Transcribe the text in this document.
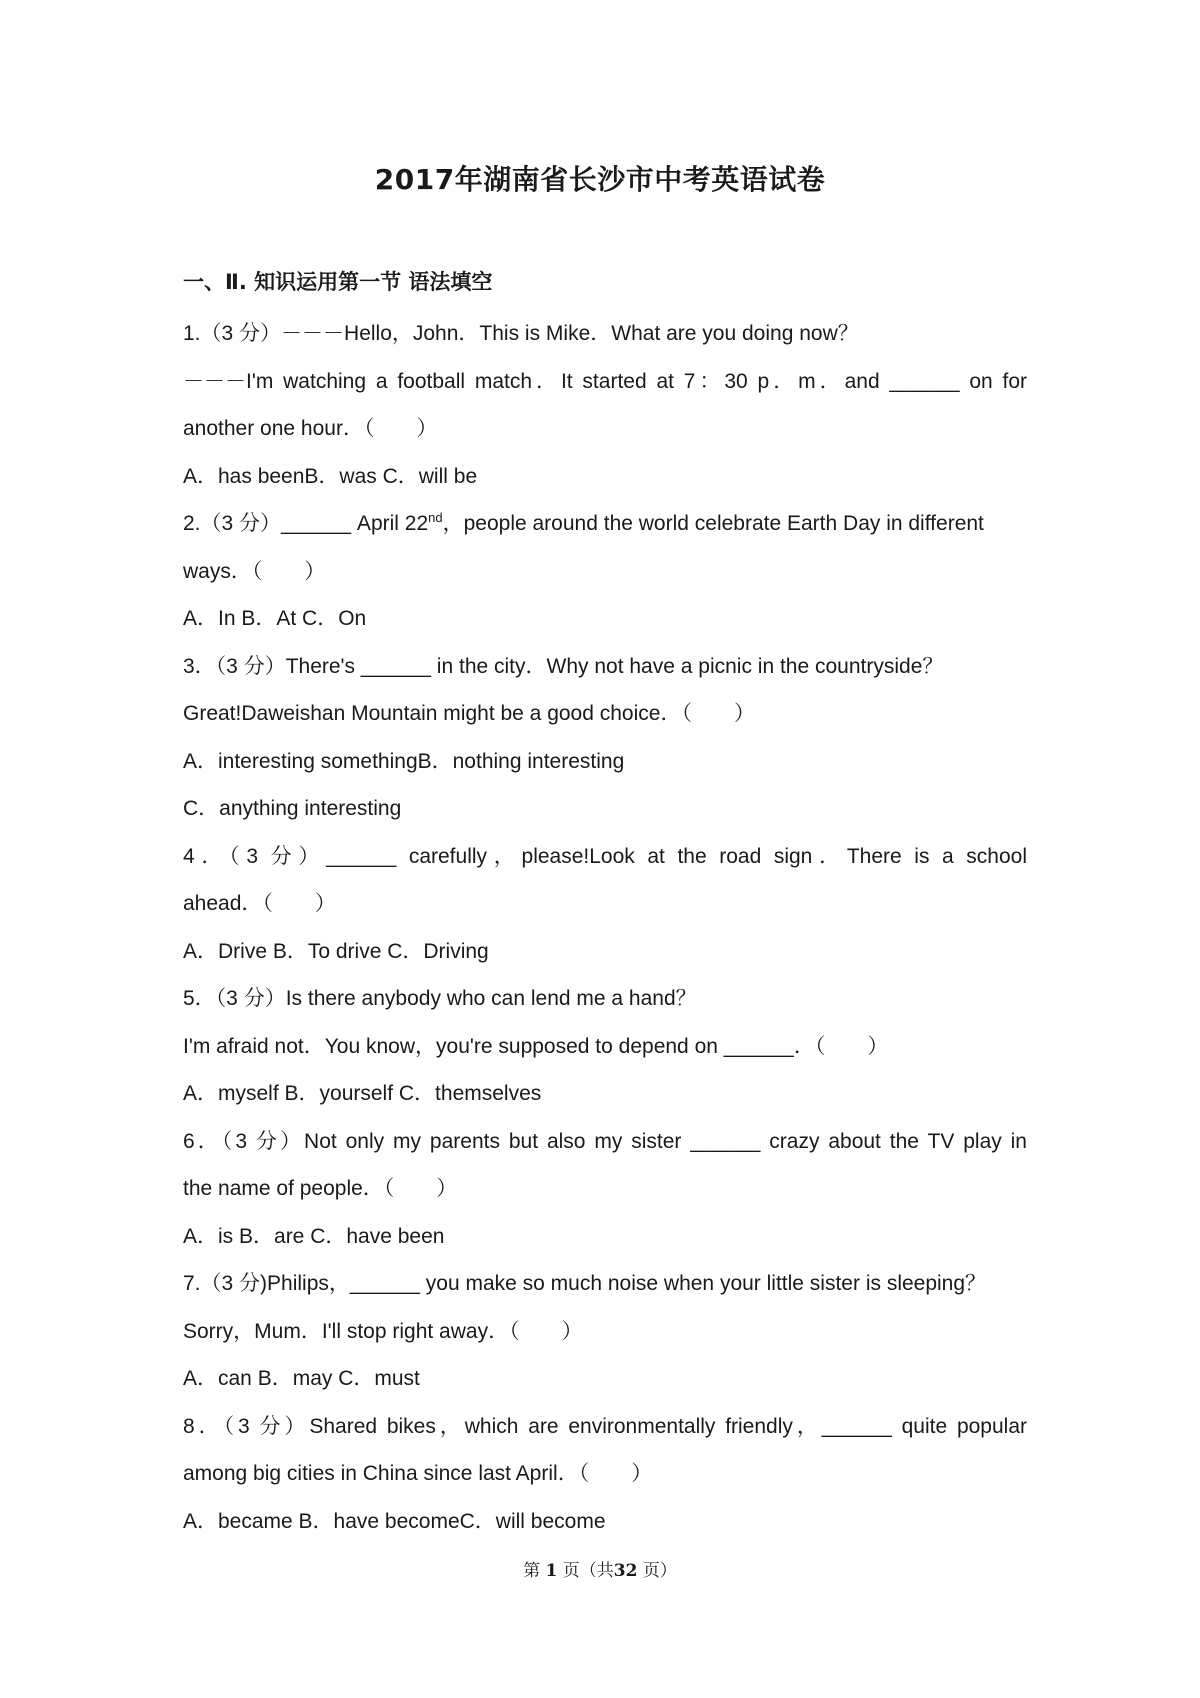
2017年湖南省长沙市中考英语试卷
一、Ⅱ. 知识运用第一节 语法填空
1.（3 分）－－－Hello，John．This is Mike．What are you doing now？
－－－I'm watching a football match．It started at 7：30 p．m．and ______ on for
another one hour．（　　）
A．has beenB．was C．will be
2.（3 分）______ April 22nd，people around the world celebrate Earth Day in different
ways．（　　）
A．In B．At C．On
3．（3 分）There's ______ in the city．Why not have a picnic in the countryside？
Great!Daweishan Mountain might be a good choice．（　　）
A．interesting somethingB．nothing interesting
C．anything interesting
4．（3 分）______ carefully，please!Look at the road sign．There is a school
ahead．（　　）
A．Drive B．To drive C．Driving
5．（3 分）Is there anybody who can lend me a hand？
I'm afraid not．You know，you're supposed to depend on ______．（　　）
A．myself B．yourself C．themselves
6．（3 分）Not only my parents but also my sister ______ crazy about the TV play in
the name of people．（　　）
A．is B．are C．have been
7.（3 分)Philips，______ you make so much noise when your little sister is sleeping？
Sorry，Mum．I'll stop right away．（　　）
A．can B．may C．must
8．（3 分）Shared bikes，which are environmentally friendly，______ quite popular
among big cities in China since last April．（　　）
A．became B．have becomeC．will become
第 1 页（共32 页）
